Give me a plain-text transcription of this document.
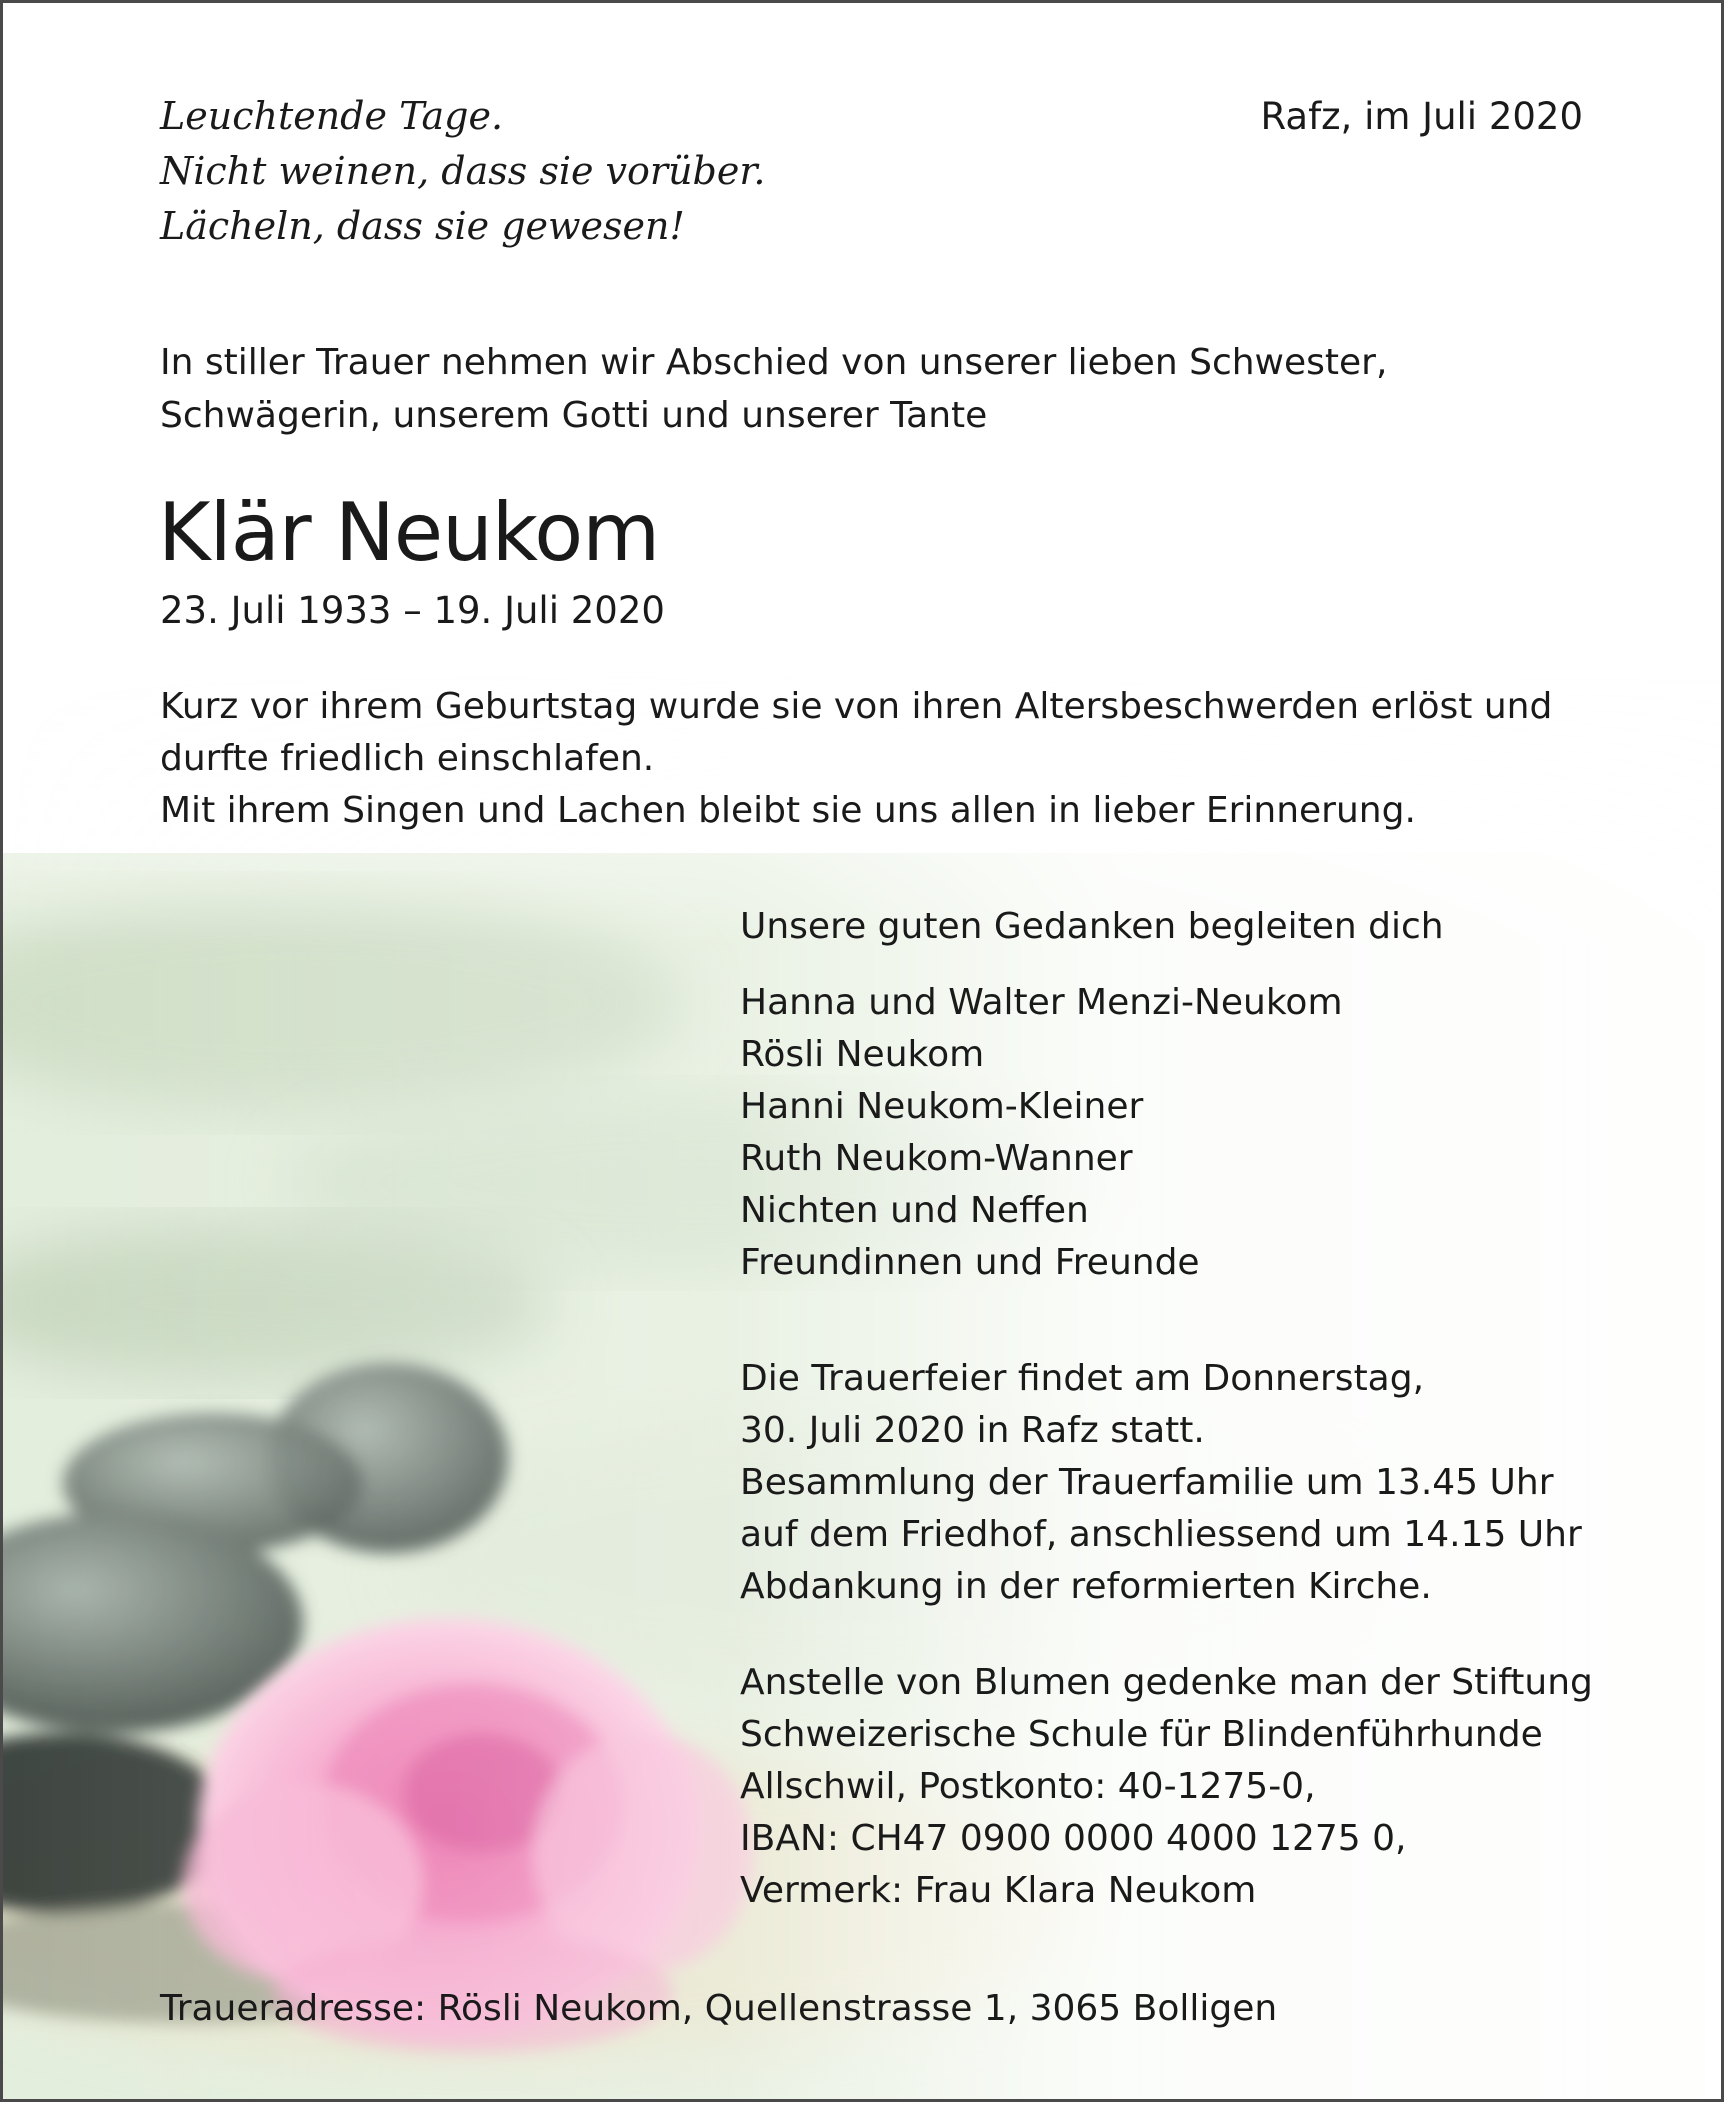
Leuchtende Tage.
Nicht weinen, dass sie vorüber.
Lächeln, dass sie gewesen!
Rafz, im Juli 2020
In stiller Trauer nehmen wir Abschied von unserer lieben Schwester,
Schwägerin, unserem Gotti und unserer Tante
Klär Neukom
23. Juli 1933 – 19. Juli 2020
Kurz vor ihrem Geburtstag wurde sie von ihren Altersbeschwerden erlöst und
durfte friedlich einschlafen.
Mit ihrem Singen und Lachen bleibt sie uns allen in lieber Erinnerung.
Unsere guten Gedanken begleiten dich
Hanna und Walter Menzi-Neukom
Rösli Neukom
Hanni Neukom-Kleiner
Ruth Neukom-Wanner
Nichten und Neffen
Freundinnen und Freunde
Die Trauerfeier findet am Donnerstag,
30. Juli 2020 in Rafz statt.
Besammlung der Trauerfamilie um 13.45 Uhr
auf dem Friedhof, anschliessend um 14.15 Uhr
Abdankung in der reformierten Kirche.
Anstelle von Blumen gedenke man der Stiftung
Schweizerische Schule für Blindenführhunde
Allschwil, Postkonto: 40-1275-0,
IBAN: CH47 0900 0000 4000 1275 0,
Vermerk: Frau Klara Neukom
Traueradresse: Rösli Neukom, Quellenstrasse 1, 3065 Bolligen
